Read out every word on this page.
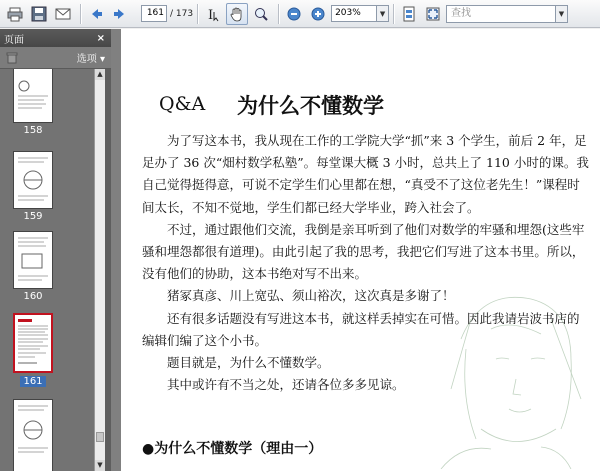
161 / 173 I	203%	▼	查找	▼
页面	×
选项 ▾
158
159
160
161
▲
▼
Q&A 为什么不懂数学

为了写这本书，我从现在工作的工学院大学“抓”来 3 个学生，前后 2 年，足足办了 36 次“畑村数学私塾”。每堂课大概 3 小时，总共上了 110 小时的课。我自己觉得挺得意，可说不定学生们心里都在想，“真受不了这位老先生！”课程时间太长，不知不觉地，学生们都已经大学毕业，跨入社会了。

不过，通过跟他们交流，我倒是亲耳听到了他们对数学的牢骚和埋怨(这些牢骚和埋怨都很有道理)。由此引起了我的思考，我把它们写进了这本书里。所以，没有他们的协助，这本书绝对写不出来。

猪冢真彦、川上宽弘、须山裕次，这次真是多谢了！

还有很多话题没有写进这本书，就这样丢掉实在可惜。因此我请岩波书店的编辑们编了这个小书。

题目就是，为什么不懂数学。

其中或许有不当之处，还请各位多多见谅。

●为什么不懂数学（理由一）
